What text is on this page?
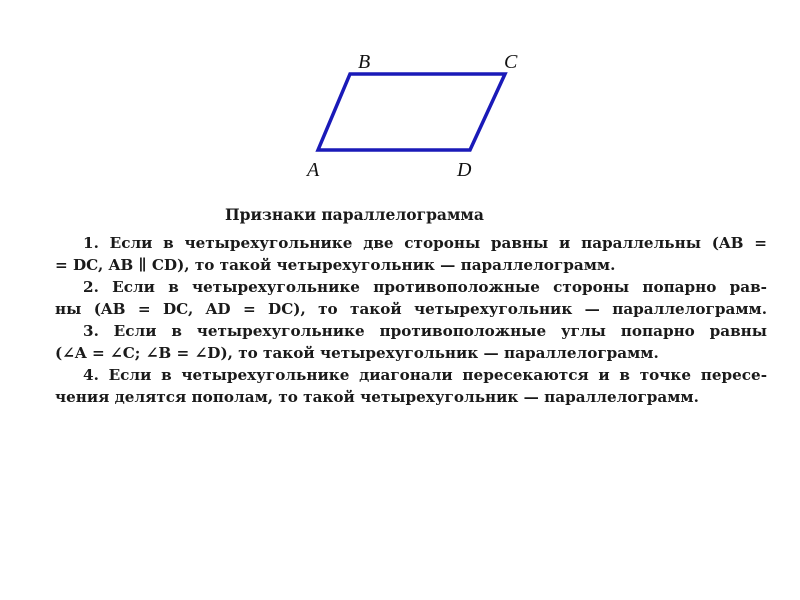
B	C
A	D
Признаки параллелограмма
1. Если в четырехугольнике две стороны равны и параллельны (AB =
= DC, AB ∥ CD), то такой четырехугольник — параллелограмм.
2. Если в четырехугольнике противоположные стороны попарно рав-
ны (AB = DC, AD = DC), то такой четырехугольник — параллелограмм.
3. Если в четырехугольнике противоположные углы попарно равны
(∠A = ∠C; ∠B = ∠D), то такой четырехугольник — параллелограмм.
4. Если в четырехугольнике диагонали пересекаются и в точке пересе-
чения делятся пополам, то такой четырехугольник — параллелограмм.
